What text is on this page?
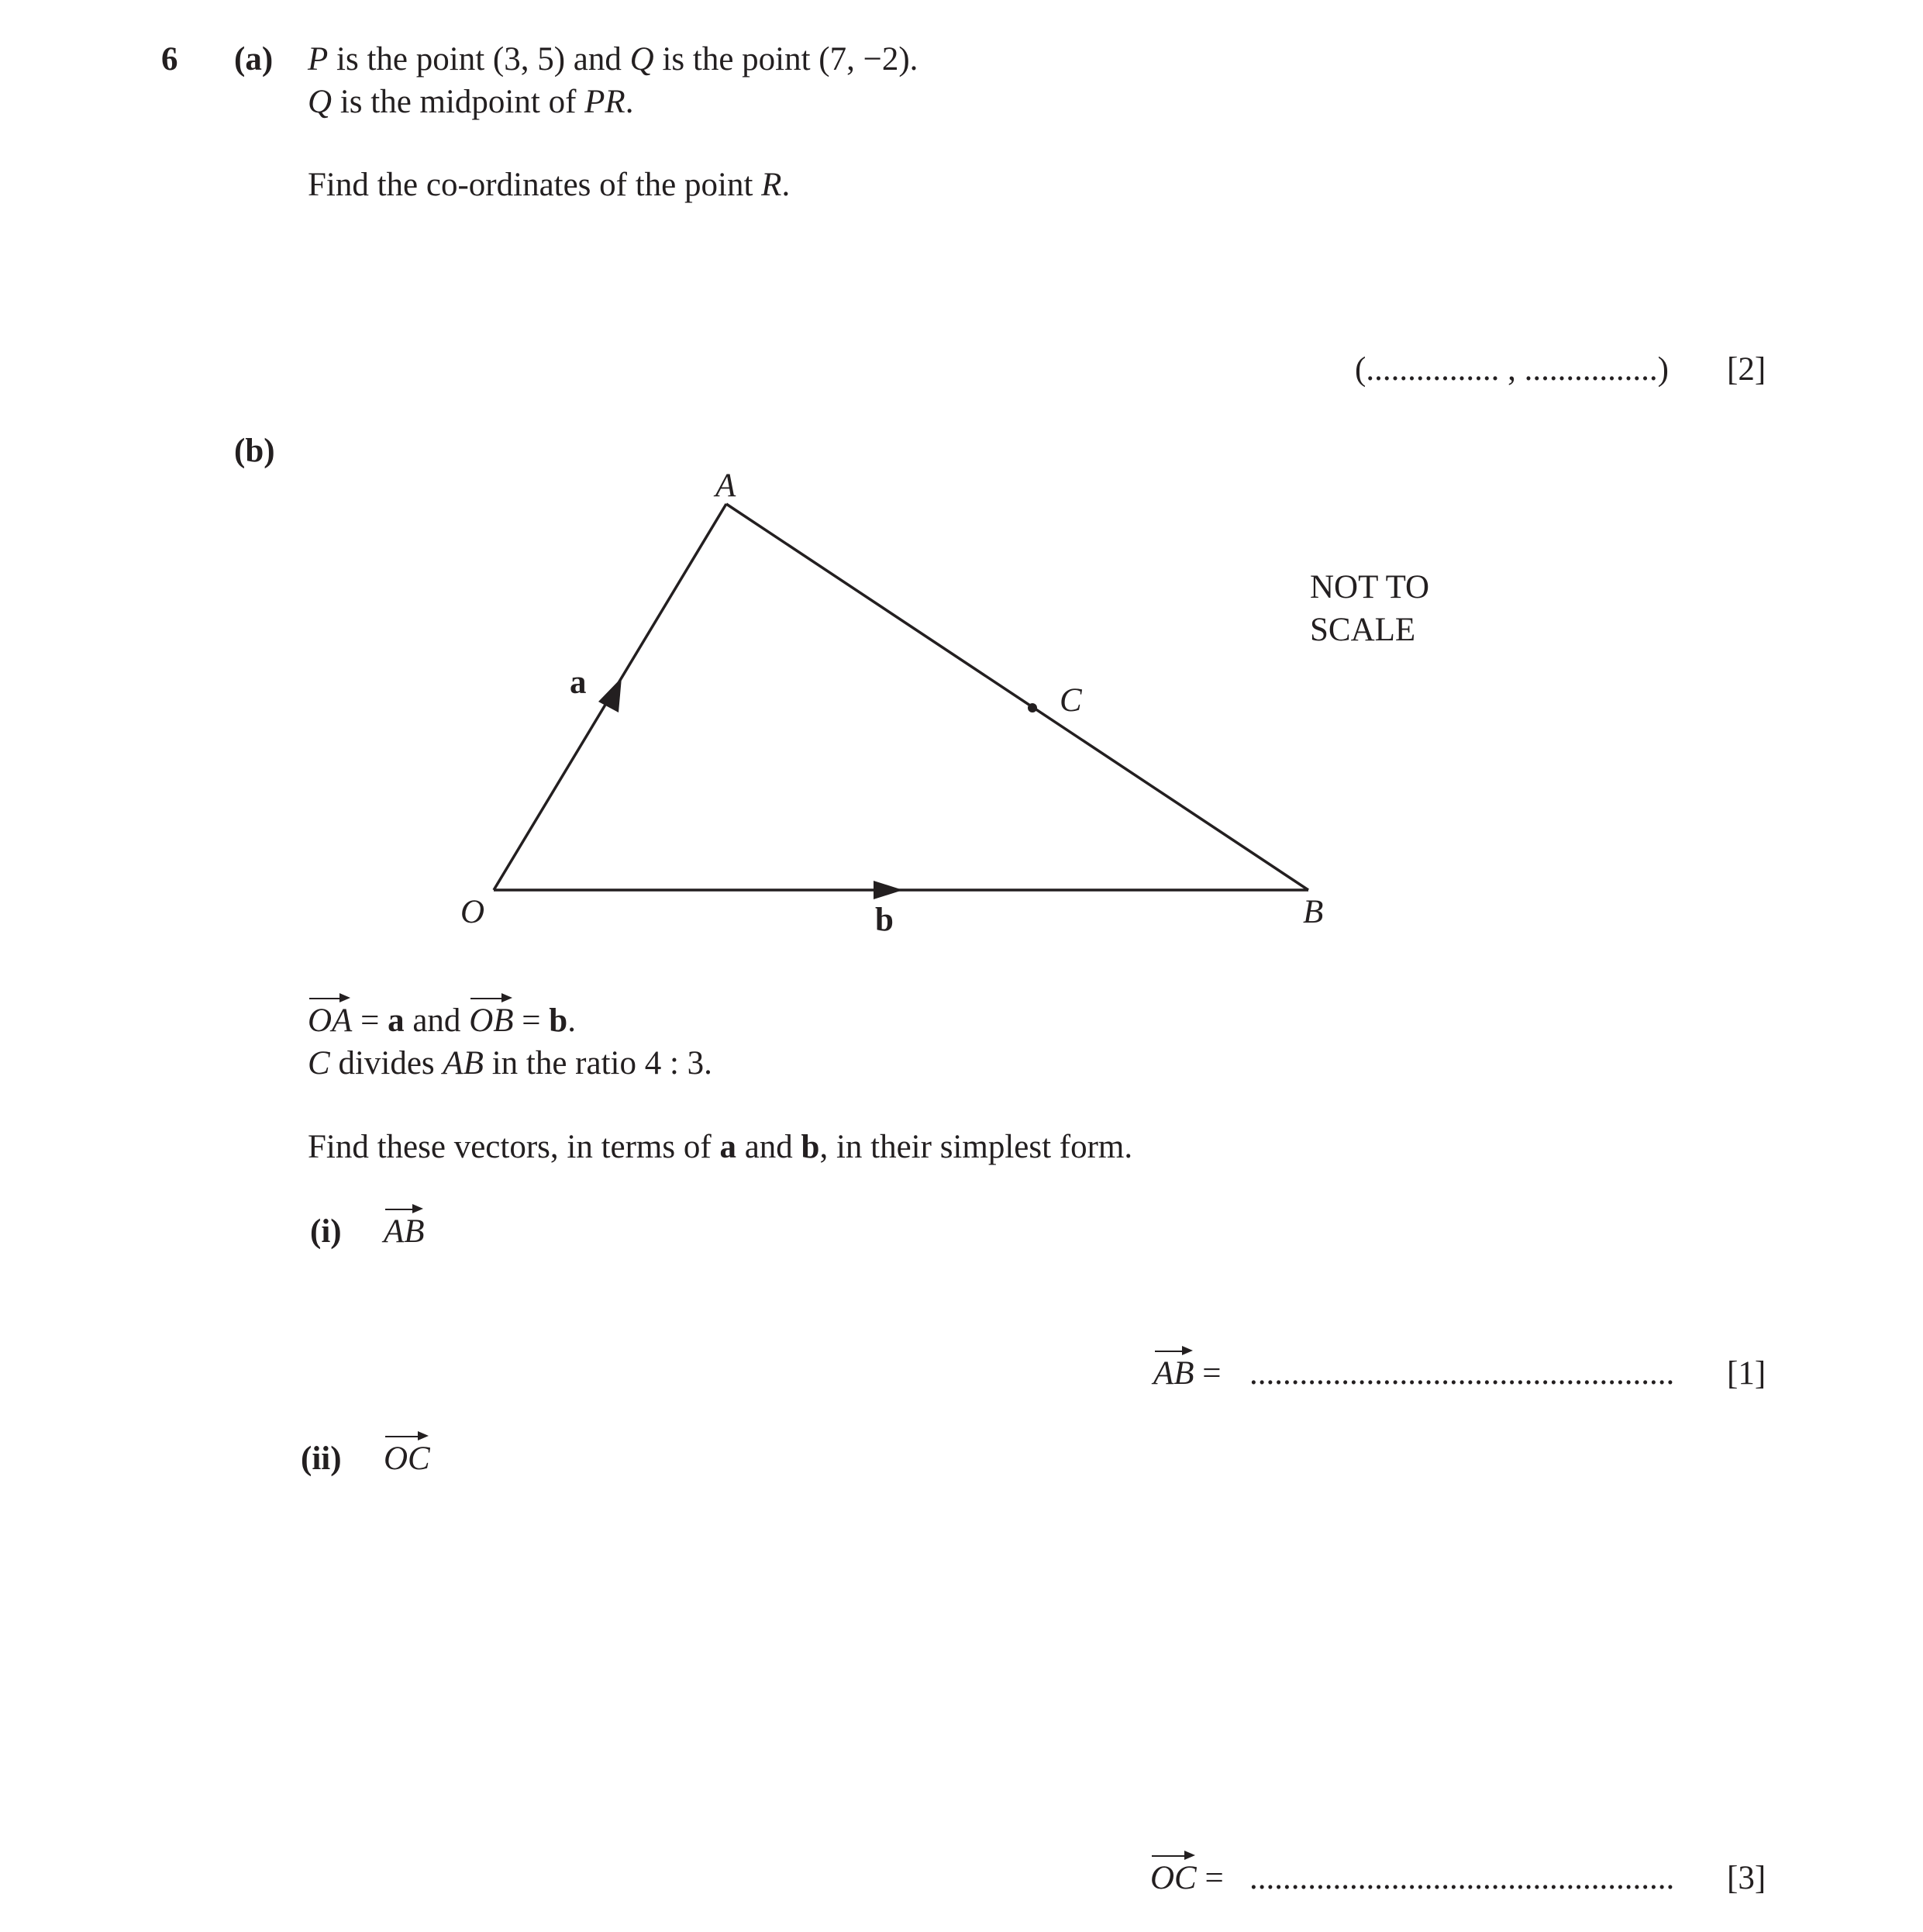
6 (a) P is the point (3, 5) and Q is the point (7, −2).
Q is the midpoint of PR.
Find the co-ordinates of the point R.
(................ , ................) [2]
(b)
O
A
B
C
a
b
NOT TO
SCALE
OA = a and OB = b.
C divides AB in the ratio 4 : 3.
Find these vectors, in terms of a and b, in their simplest form.
(i) AB
AB = ................................................... [1]
(ii) OC
OC = ................................................... [3]
